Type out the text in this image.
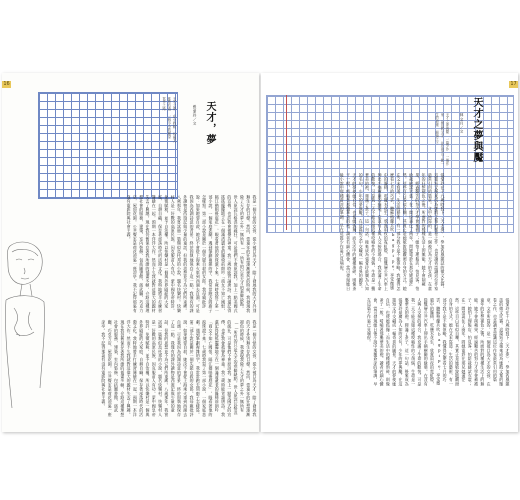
16
天才，夢
張愛玲／文
天才之夢 在小時候 每個人都曾有過 一個小小的願望 寫作之路
我是一個古怪的女孩，從小被目為天才，除了發展我的天才外別無生存的目標。然而，當童年的狂想逐漸褪色的時候，我發現我除了天才的夢之外一無所有——所有的只是天才的乖僻缺點。世人原諒瓦格涅的疏狂，可是他們不會原諒我。加上一點美國式的宣傳，也許我會被譽為神童。我三歲時能背誦唐詩。我還記得搖搖擺擺地立在一個滿清遺老的籐椅前朗吟「商女不知亡國恨，隔江猶唱後庭花」，眼看著他的淚珠滾下來。七歲時我寫了第一部小說，一個家庭悲劇。遇到筆劃複雜的字，我常常跑去問廚子怎樣寫。第二部小說是關於一個失戀自殺的女郎。我母親批評說：如果她要自殺，她決不會從上海乘火車到西湖去自溺。可是我因為西湖詩意的背景，終於固執地保存了這一點。我僅有的課外讀物是西遊記與少量的童話，但我的思想並不為它們所束縛。八歲那年，我嘗試過一篇類似烏托邦的小說，題名快樂村。快樂村人是一好戰的高原民族，因克服苗人有功，蒙中國皇帝特許，免徵賦稅，並予自治權。所以快樂村是一個與外界隔絕的大家庭，自耕自織，保存著部落時代的活潑文化。我特地將半打練習簿縫在一起，預期一本洋洋大作，然而不久我就對這偉大的題材失去了興趣。現在我仍舊保存著我所繪的插畫多幀，介紹這種理想社會的服務，建築，室內裝修，包括圖書館，演武廳，巧克力店，屋頂花園。公共餐室是荷花池裏一座涼亭。我不記得那裏有沒有電影院與社會主義。
我是一個古怪的女孩，從小被目為天才，除了發展我的天才外別無生存的目標。然而，當童年的狂想逐漸褪色的時候，我發現我除了天才的夢之外一無所有——所有的只是天才的乖僻缺點。世人原諒瓦格涅的疏狂，可是他們不會原諒我。加上一點美國式的宣傳，也許我會被譽為神童。我三歲時能背誦唐詩。我還記得搖搖擺擺地立在一個滿清遺老的籐椅前朗吟「商女不知亡國恨，隔江猶唱後庭花」，眼看著他的淚珠滾下來。七歲時我寫了第一部小說，一個家庭悲劇。遇到筆劃複雜的字，我常常跑去問廚子怎樣寫。第二部小說是關於一個失戀自殺的女郎。我母親批評說：如果她要自殺，她決不會從上海乘火車到西湖去自溺。可是我因為西湖詩意的背景，終於固執地保存了這一點。我僅有的課外讀物是西遊記與少量的童話，但我的思想並不為它們所束縛。八歲那年，我嘗試過一篇類似烏托邦的小說，題名快樂村。快樂村人是一好戰的高原民族，因克服苗人有功，蒙中國皇帝特許，免徵賦稅，並予自治權。所以快樂村是一個與外界隔絕的大家庭，自耕自織，保存著部落時代的活潑文化。我特地將半打練習簿縫在一起，預期一本洋洋大作，然而不久我就對這偉大的題材失去了興趣。現在我仍舊保存著我所繪的插畫多幀，介紹這種理想社會的服務，建築，室內裝修，包括圖書館，演武廳，巧克力店，屋頂花園。公共餐室是荷花池裏一座涼亭。我不記得那裏有沒有電影院與社會主義。
17
天才之夢與魘
林文月／文
天才之夢與魘 一篇少作 一個作家 最初的文字 往往預示了她一生的命運 細讀之下
張愛玲在十九歲時寫下〈天才夢〉，參加西風雜誌的徵文比賽。這篇短文後來成為她散文集的壓卷之作，也是讀者認識這位作家最常引用的篇章。文中所寫的，是一個被目為天才的女孩，在童年的狂想褪色之後，所面對的種種生活上的無能。她不會削蘋果，經過艱苦的努力才學會補襪子；她怕上理髮店，怕見客，怕給裁縫試衣裳；在一間房裏住了兩年，問她電鈴在那兒她還茫然。這些自白看似自嘲，其實正是她敏銳地觀照自身的方式。她在文末寫道：生活的藝術，有一部分我不是不能領略。我懂得怎麼看七月的巧雲，聽蘇格蘭兵吹bagpipe，享受微風中的籐椅，吃鹽水花生，欣賞雨夜的霓虹燈，從雙層公共汽車上伸出手摘樹巔的綠葉。在沒有人與人交接的場合，我充滿了生命的歡悅。可是我一天不能克服這種咬嚙性的小煩惱，生命是一襲華美的袍，爬滿了蚤子。這一句話，後來成為張愛玲最廣為人知的名句。少年的夢與魘，在這篇短文中交織成一幅奇異的圖景。天才的夢使她自信，也使她孤獨；而生活中的種種瑣碎，則像蚤子一般，啃嚙著那襲華美的袍。讀者若細心體會，當可發現她日後小說中那種蒼涼的筆調，早在這篇少作裏已見端倪。
張愛玲在十九歲時寫下〈天才夢〉，參加西風雜誌的徵文比賽。這篇短文後來成為她散文集的壓卷之作，也是讀者認識這位作家最常引用的篇章。文中所寫的，是一個被目為天才的女孩，在童年的狂想褪色之後，所面對的種種生活上的無能。她不會削蘋果，經過艱苦的努力才學會補襪子；她怕上理髮店，怕見客，怕給裁縫試衣裳；在一間房裏住了兩年，問她電鈴在那兒她還茫然。這些自白看似自嘲，其實正是她敏銳地觀照自身的方式。她在文末寫道：生活的藝術，有一部分我不是不能領略。我懂得怎麼看七月的巧雲，聽蘇格蘭兵吹bagpipe，享受微風中的籐椅，吃鹽水花生，欣賞雨夜的霓虹燈，從雙層公共汽車上伸出手摘樹巔的綠葉。在沒有人與人交接的場合，我充滿了生命的歡悅。可是我一天不能克服這種咬嚙性的小煩惱，生命是一襲華美的袍，爬滿了蚤子。這一句話，後來成為張愛玲最廣為人知的名句。少年的夢與魘，在這篇短文中交織成一幅奇異的圖景。天才的夢使她自信，也使她孤獨；而生活中的種種瑣碎，則像蚤子一般，啃嚙著那襲華美的袍。讀者若細心體會，當可發現她日後小說中那種蒼涼的筆調，早在這篇少作裏已見端倪。
